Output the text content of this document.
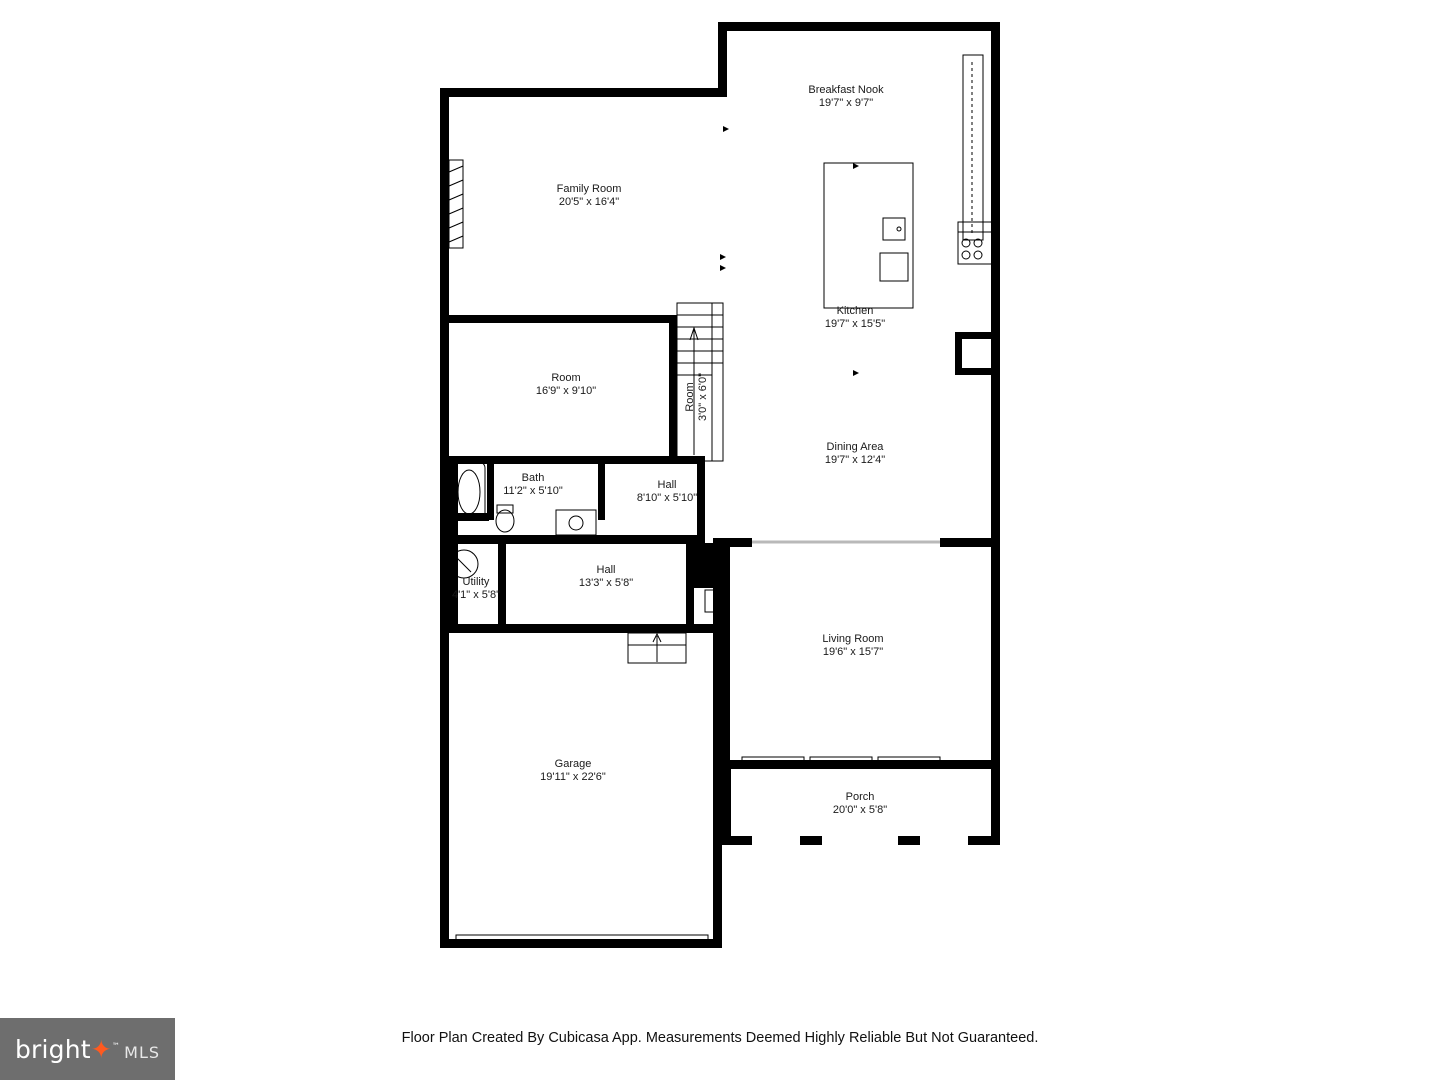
Breakfast Nook
19'7" x 9'7"
Family Room
20'5" x 16'4"
Kitchen
19'7" x 15'5"
Room
16'9" x 9'10"	Room 3'0" x 6'0"
Dining Area
19'7" x 12'4"
Bath
11'2" x 5'10"	Hall
8'10" x 5'10"
Hall
13'3" x 5'8"
Utility
4'1" x 5'8"
Living Room
19'6" x 15'7"
Garage
19'11" x 22'6"
Porch
20'0" x 5'8"
Floor Plan Created By Cubicasa App. Measurements Deemed Highly Reliable But Not Guaranteed.
bright✦™ MLS
